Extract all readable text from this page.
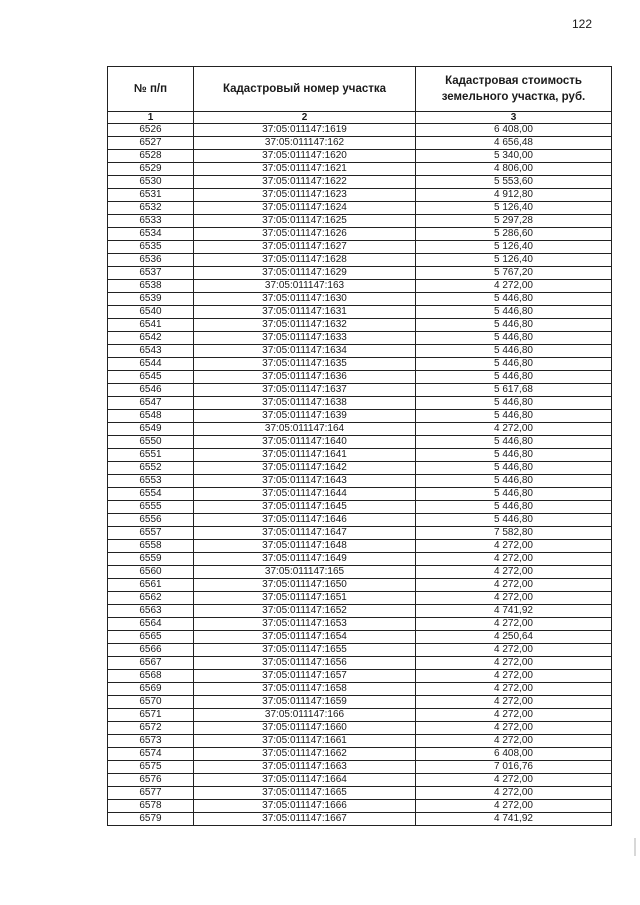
122
№ п/п	Кадастровый номер участка	Кадастровая стоимость земельного участка, руб.
1	2	3
6526	37:05:011147:1619	6 408,00
6527	37:05:011147:162	4 656,48
6528	37:05:011147:1620	5 340,00
6529	37:05:011147:1621	4 806,00
6530	37:05:011147:1622	5 553,60
6531	37:05:011147:1623	4 912,80
6532	37:05:011147:1624	5 126,40
6533	37:05:011147:1625	5 297,28
6534	37:05:011147:1626	5 286,60
6535	37:05:011147:1627	5 126,40
6536	37:05:011147:1628	5 126,40
6537	37:05:011147:1629	5 767,20
6538	37:05:011147:163	4 272,00
6539	37:05:011147:1630	5 446,80
6540	37:05:011147:1631	5 446,80
6541	37:05:011147:1632	5 446,80
6542	37:05:011147:1633	5 446,80
6543	37:05:011147:1634	5 446,80
6544	37:05:011147:1635	5 446,80
6545	37:05:011147:1636	5 446,80
6546	37:05:011147:1637	5 617,68
6547	37:05:011147:1638	5 446,80
6548	37:05:011147:1639	5 446,80
6549	37:05:011147:164	4 272,00
6550	37:05:011147:1640	5 446,80
6551	37:05:011147:1641	5 446,80
6552	37:05:011147:1642	5 446,80
6553	37:05:011147:1643	5 446,80
6554	37:05:011147:1644	5 446,80
6555	37:05:011147:1645	5 446,80
6556	37:05:011147:1646	5 446,80
6557	37:05:011147:1647	7 582,80
6558	37:05:011147:1648	4 272,00
6559	37:05:011147:1649	4 272,00
6560	37:05:011147:165	4 272,00
6561	37:05:011147:1650	4 272,00
6562	37:05:011147:1651	4 272,00
6563	37:05:011147:1652	4 741,92
6564	37:05:011147:1653	4 272,00
6565	37:05:011147:1654	4 250,64
6566	37:05:011147:1655	4 272,00
6567	37:05:011147:1656	4 272,00
6568	37:05:011147:1657	4 272,00
6569	37:05:011147:1658	4 272,00
6570	37:05:011147:1659	4 272,00
6571	37:05:011147:166	4 272,00
6572	37:05:011147:1660	4 272,00
6573	37:05:011147:1661	4 272,00
6574	37:05:011147:1662	6 408,00
6575	37:05:011147:1663	7 016,76
6576	37:05:011147:1664	4 272,00
6577	37:05:011147:1665	4 272,00
6578	37:05:011147:1666	4 272,00
6579	37:05:011147:1667	4 741,92
